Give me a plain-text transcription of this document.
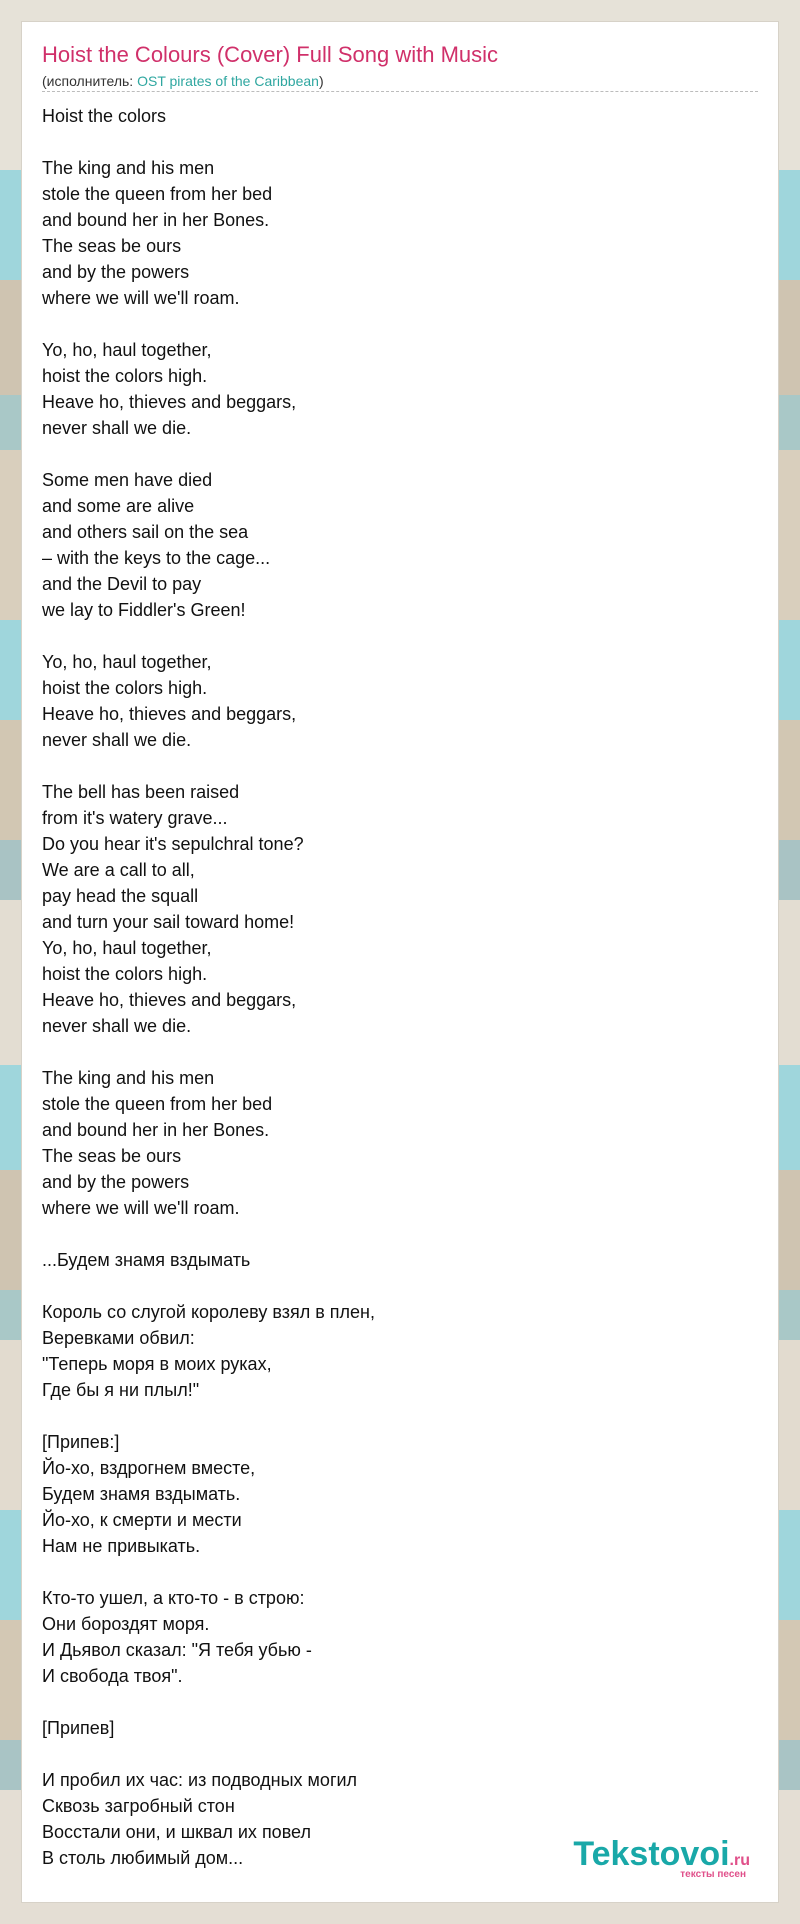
Hoist the Colours (Cover) Full Song with Music
(исполнитель: OST pirates of the Caribbean)
Hoist the colors

The king and his men
stole the queen from her bed
and bound her in her Bones.
The seas be ours
and by the powers
where we will we'll roam.

Yo, ho, haul together,
hoist the colors high.
Heave ho, thieves and beggars,
never shall we die.

Some men have died
and some are alive
and others sail on the sea
– with the keys to the cage...
and the Devil to pay
we lay to Fiddler's Green!

Yo, ho, haul together,
hoist the colors high.
Heave ho, thieves and beggars,
never shall we die.

The bell has been raised
from it's watery grave...
Do you hear it's sepulchral tone?
We are a call to all,
pay head the squall
and turn your sail toward home!
Yo, ho, haul together,
hoist the colors high.
Heave ho, thieves and beggars,
never shall we die.

The king and his men
stole the queen from her bed
and bound her in her Bones.
The seas be ours
and by the powers
where we will we'll roam.

...Будем знамя вздымать

Король со слугой королеву взял в плен,
Веревками обвил:
"Теперь моря в моих руках,
Где бы я ни плыл!"

[Припев:]
Йо-хо, вздрогнем вместе,
Будем знамя вздымать.
Йо-хо, к смерти и мести
Нам не привыкать.

Кто-то ушел, а кто-то - в строю:
Они бороздят моря.
И Дьявол сказал: "Я тебя убью -
И свобода твоя".

[Припев]

И пробил их час: из подводных могил
Сквозь загробный стон
Восстали они, и шквал их повел
В столь любимый дом...	Tekstovoi.ru
тексты песен
